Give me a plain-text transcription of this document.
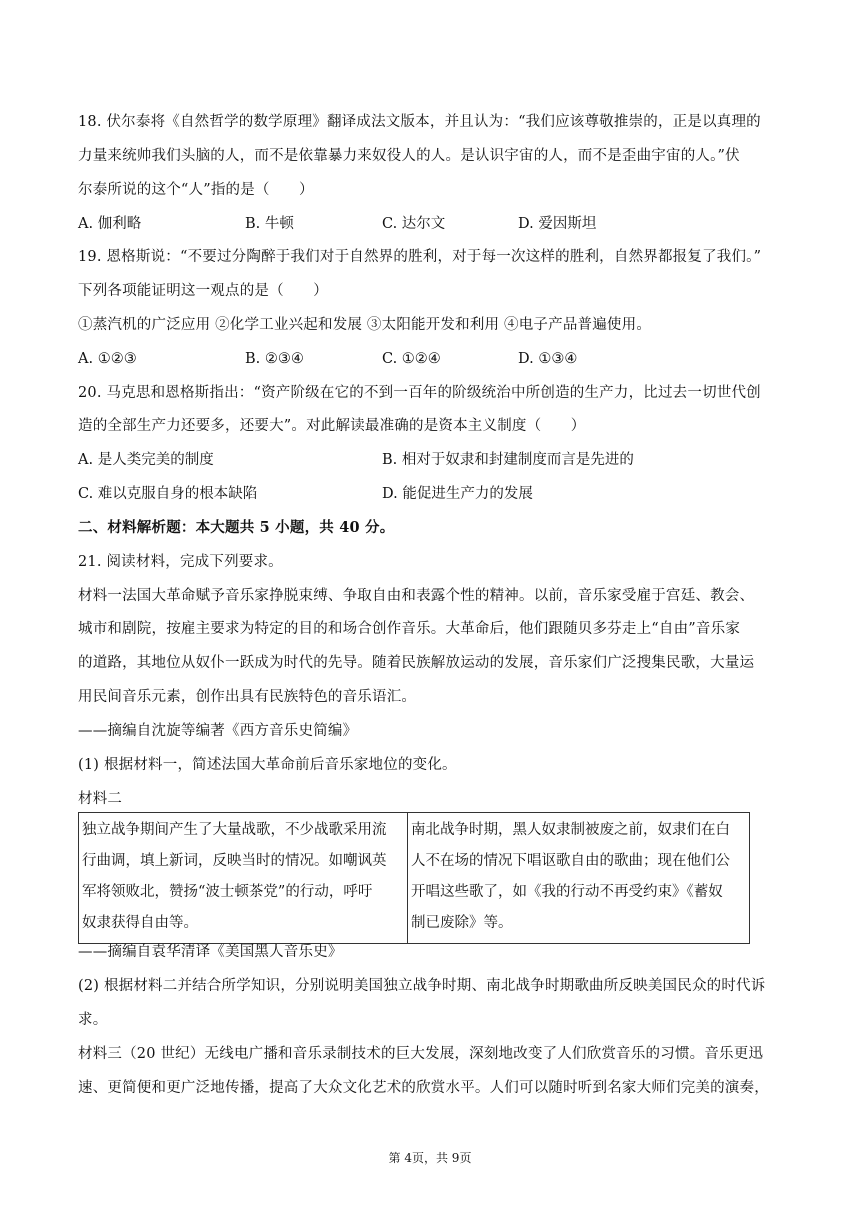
18. 伏尔泰将《自然哲学的数学原理》翻译成法文版本，并且认为：“我们应该尊敬推崇的，正是以真理的
力量来统帅我们头脑的人，而不是依靠暴力来奴役人的人。是认识宇宙的人，而不是歪曲宇宙的人。”伏
尔泰所说的这个“人”指的是（　　）
A. 伽利略	B. 牛顿	C. 达尔文	D. 爱因斯坦
19. 恩格斯说：“不要过分陶醉于我们对于自然界的胜利，对于每一次这样的胜利，自然界都报复了我们。”
下列各项能证明这一观点的是（　　）
①蒸汽机的广泛应用 ②化学工业兴起和发展 ③太阳能开发和利用 ④电子产品普遍使用。
A. ①②③	B. ②③④	C. ①②④	D. ①③④
20. 马克思和恩格斯指出：“资产阶级在它的不到一百年的阶级统治中所创造的生产力，比过去一切世代创
造的全部生产力还要多，还要大”。对此解读最准确的是资本主义制度（　　）
A. 是人类完美的制度	B. 相对于奴隶和封建制度而言是先进的
C. 难以克服自身的根本缺陷	D. 能促进生产力的发展
二、材料解析题：本大题共 5 小题，共 40 分。
21. 阅读材料，完成下列要求。
材料一法国大革命赋予音乐家挣脱束缚、争取自由和表露个性的精神。以前，音乐家受雇于宫廷、教会、
城市和剧院，按雇主要求为特定的目的和场合创作音乐。大革命后，他们跟随贝多芬走上“自由”音乐家
的道路，其地位从奴仆一跃成为时代的先导。随着民族解放运动的发展，音乐家们广泛搜集民歌，大量运
用民间音乐元素，创作出具有民族特色的音乐语汇。
——摘编自沈旋等编著《西方音乐史简编》
(1) 根据材料一，简述法国大革命前后音乐家地位的变化。
材料二
独立战争期间产生了大量战歌，不少战歌采用流
行曲调，填上新词，反映当时的情况。如嘲讽英
军将领败北，赞扬“波士顿茶党”的行动，呼吁
奴隶获得自由等。

南北战争时期，黑人奴隶制被废之前，奴隶们在白
人不在场的情况下唱讴歌自由的歌曲；现在他们公
开唱这些歌了，如《我的行动不再受约束》《蓄奴
制已废除》等。
——摘编自袁华清译《美国黑人音乐史》
(2) 根据材料二并结合所学知识，分别说明美国独立战争时期、南北战争时期歌曲所反映美国民众的时代诉
求。
材料三（20 世纪）无线电广播和音乐录制技术的巨大发展，深刻地改变了人们欣赏音乐的习惯。音乐更迅
速、更简便和更广泛地传播，提高了大众文化艺术的欣赏水平。人们可以随时听到名家大师们完美的演奏，
第 4页，共 9页
